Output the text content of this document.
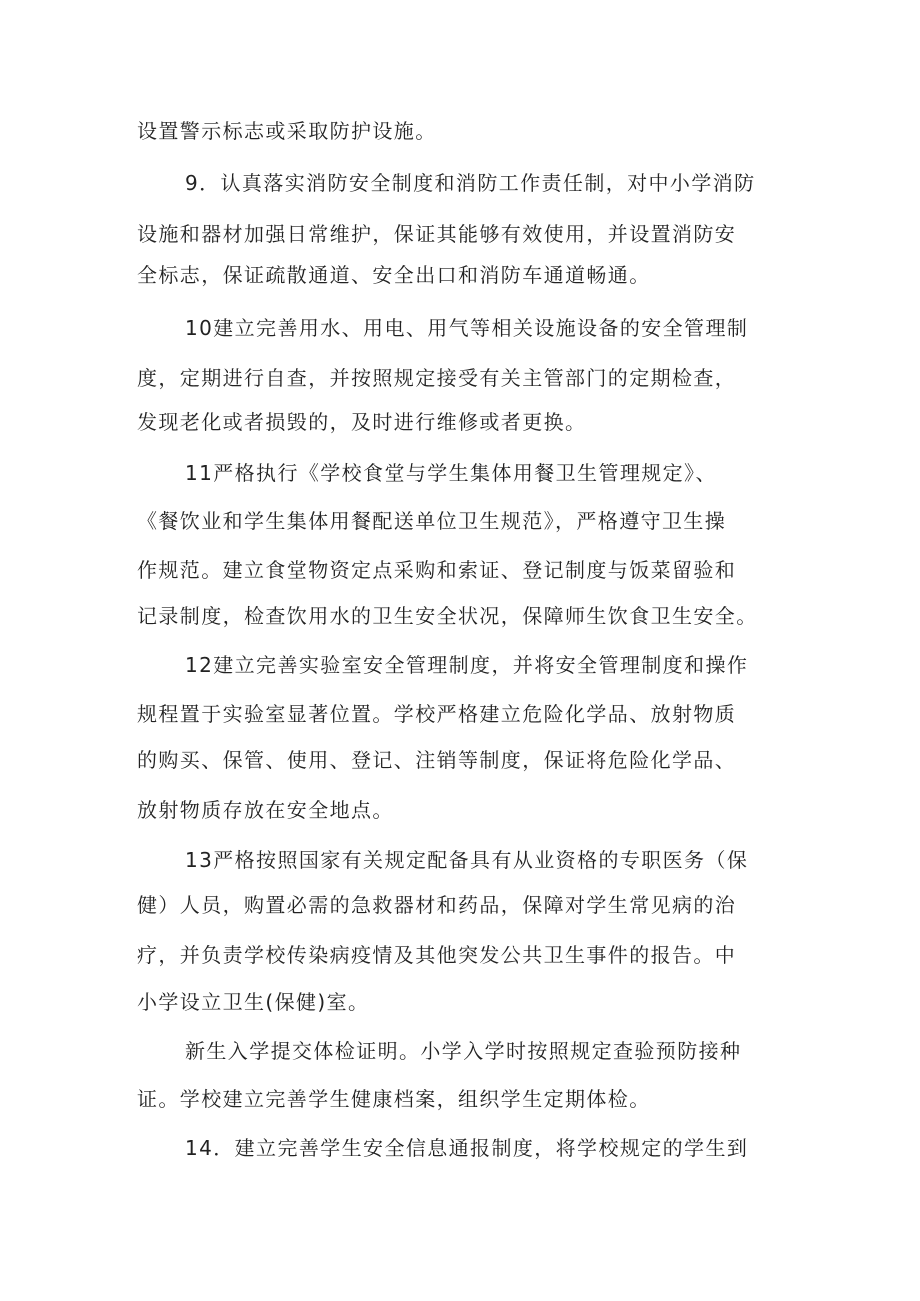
设置警示标志或采取防护设施。
9．认真落实消防安全制度和消防工作责任制，对中小学消防
设施和器材加强日常维护，保证其能够有效使用，并设置消防安
全标志，保证疏散通道、安全出口和消防车通道畅通。
10建立完善用水、用电、用气等相关设施设备的安全管理制
度，定期进行自查，并按照规定接受有关主管部门的定期检查，
发现老化或者损毁的，及时进行维修或者更换。
11严格执行《学校食堂与学生集体用餐卫生管理规定》、
《餐饮业和学生集体用餐配送单位卫生规范》，严格遵守卫生操
作规范。建立食堂物资定点采购和索证、登记制度与饭菜留验和
记录制度，检查饮用水的卫生安全状况，保障师生饮食卫生安全。
12建立完善实验室安全管理制度，并将安全管理制度和操作
规程置于实验室显著位置。学校严格建立危险化学品、放射物质
的购买、保管、使用、登记、注销等制度，保证将危险化学品、
放射物质存放在安全地点。
13严格按照国家有关规定配备具有从业资格的专职医务（保
健）人员，购置必需的急救器材和药品，保障对学生常见病的治
疗，并负责学校传染病疫情及其他突发公共卫生事件的报告。中
小学设立卫生(保健)室。
新生入学提交体检证明。小学入学时按照规定查验预防接种
证。学校建立完善学生健康档案，组织学生定期体检。
14．建立完善学生安全信息通报制度，将学校规定的学生到
